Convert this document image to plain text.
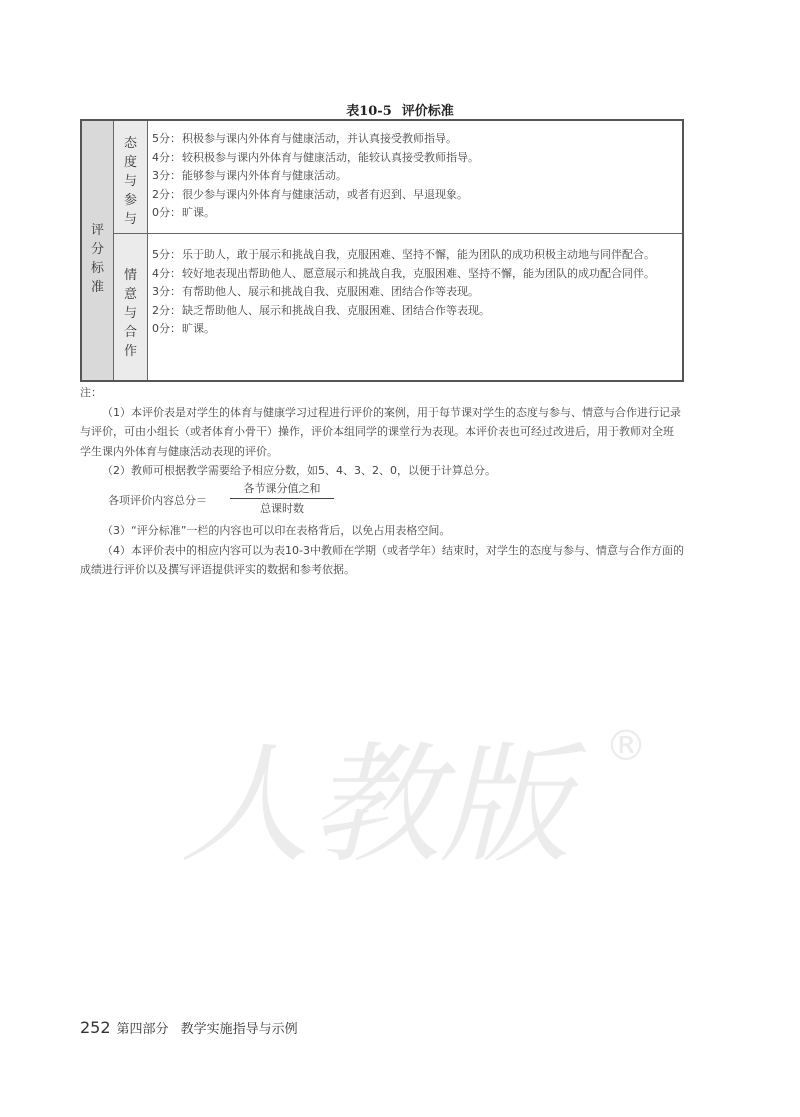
表10-5 评价标准
评
分
标
准
态
度
与
参
与
情
意
与
合
作
5分： 积极参与课内外体育与健康活动，并认真接受教师指导。
4分： 较积极参与课内外体育与健康活动，能较认真接受教师指导。
3分： 能够参与课内外体育与健康活动。
2分： 很少参与课内外体育与健康活动，或者有迟到、早退现象。
0分： 旷课。
5分： 乐于助人，敢于展示和挑战自我，克服困难、坚持不懈，能为团队的成功积极主动地与同伴配合。
4分： 较好地表现出帮助他人、愿意展示和挑战自我，克服困难、坚持不懈，能为团队的成功配合同伴。
3分： 有帮助他人、展示和挑战自我、克服困难、团结合作等表现。
2分： 缺乏帮助他人、展示和挑战自我、克服困难、团结合作等表现。
0分： 旷课。

注：

（1）本评价表是对学生的体育与健康学习过程进行评价的案例，用于每节课对学生的态度与参与、情意与合作进行记录与评价，可由小组长（或者体育小骨干）操作，评价本组同学的课堂行为表现。本评价表也可经过改进后，用于教师对全班学生课内外体育与健康活动表现的评价。

（2）教师可根据教学需要给予相应分数，如5、4、3、2、0，以便于计算总分。

各项评价内容总分＝
各节课分值之和
总课时数

（3）“评分标准”一栏的内容也可以印在表格背后，以免占用表格空间。

（4）本评价表中的相应内容可以为表10-3中教师在学期（或者学年）结束时，对学生的态度与参与、情意与合作方面的成绩进行评价以及撰写评语提供评实的数据和参考依据。

人教版 ®
252 第四部分 教学实施指导与示例
